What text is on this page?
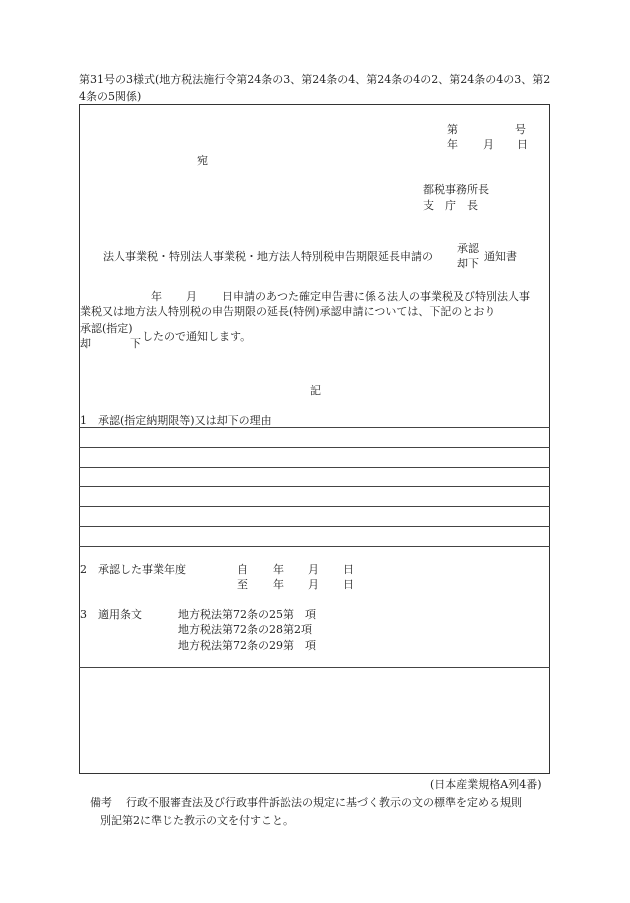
第31号の3様式(地方税法施行令第24条の3、第24条の4、第24条の4の2、第24条の4の3、第2
4条の5関係)
第	号
年 月 日
宛
都税事務所長
支　庁　長
法人事業税・特別法人事業税・地方法人特別税申告期限延長申請の
承認
却下
通知書
年 月 日申請のあつた確定申告書に係る法人の事業税及び特別法人事
業税又は地方法人特別税の申告期限の延長(特例)承認申請については、下記のとおり
承認(指定)
却	下
したので通知します。
記
1　承認(指定納期限等)又は却下の理由
2　承認した事業年度	自 年 月 日
至 年 月 日
3　適用条文	地方税法第72条の25第　項
地方税法第72条の28第2項
地方税法第72条の29第　項
(日本産業規格A列4番)
備考 行政不服審査法及び行政事件訴訟法の規定に基づく教示の文の標準を定める規則
別記第2に準じた教示の文を付すこと。
